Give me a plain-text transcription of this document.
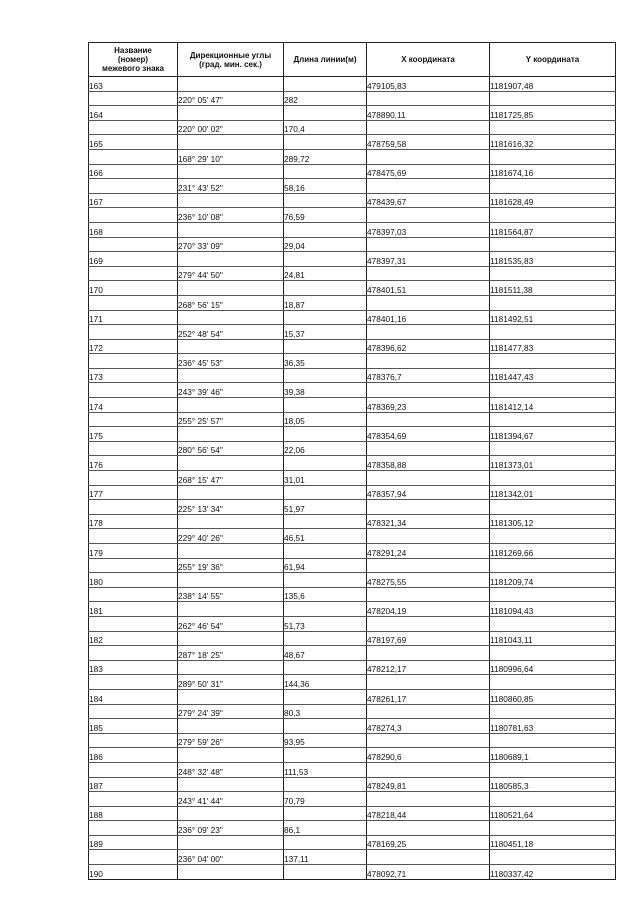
Название
(номер)
межевого знака	Дирекционные углы
(град. мин. сек.)	Длина линии(м)	X координата	Y координата
163			479105,83	1181907,48
	220° 05' 47"	282		
164			478890,11	1181725,85
	220° 00' 02"	170,4		
165			478759,58	1181616,32
	168° 29' 10"	289,72		
166			478475,69	1181674,16
	231° 43' 52"	58,16		
167			478439,67	1181628,49
	236° 10' 08"	76,59		
168			478397,03	1181564,87
	270° 33' 09"	29,04		
169			478397,31	1181535,83
	279° 44' 50"	24,81		
170			478401,51	1181511,38
	268° 56' 15"	18,87		
171			478401,16	1181492,51
	252° 48' 54"	15,37		
172			478396,62	1181477,83
	236° 45' 53"	36,35		
173			478376,7	1181447,43
	243° 39' 46"	39,38		
174			478369,23	1181412,14
	255° 25' 57"	18,05		
175			478354,69	1181394,67
	280° 56' 54"	22,06		
176			478358,88	1181373,01
	268° 15' 47"	31,01		
177			478357,94	1181342,01
	225° 13' 34"	51,97		
178			478321,34	1181305,12
	229° 40' 26"	46,51		
179			478291,24	1181269,66
	255° 19' 36"	61,94		
180			478275,55	1181209,74
	238° 14' 55"	135,6		
181			478204,19	1181094,43
	262° 46' 54"	51,73		
182			478197,69	1181043,11
	287° 18' 25"	48,67		
183			478212,17	1180996,64
	289° 50' 31"	144,36		
184			478261,17	1180860,85
	279° 24' 39"	80,3		
185			478274,3	1180781,63
	279° 59' 26"	93,95		
186			478290,6	1180689,1
	248° 32' 48"	111,53		
187			478249,81	1180585,3
	243° 41' 44"	70,79		
188			478218,44	1180521,64
	236° 09' 23"	86,1		
189			478169,25	1180451,18
	236° 04' 00"	137,11		
190			478092,71	1180337,42
